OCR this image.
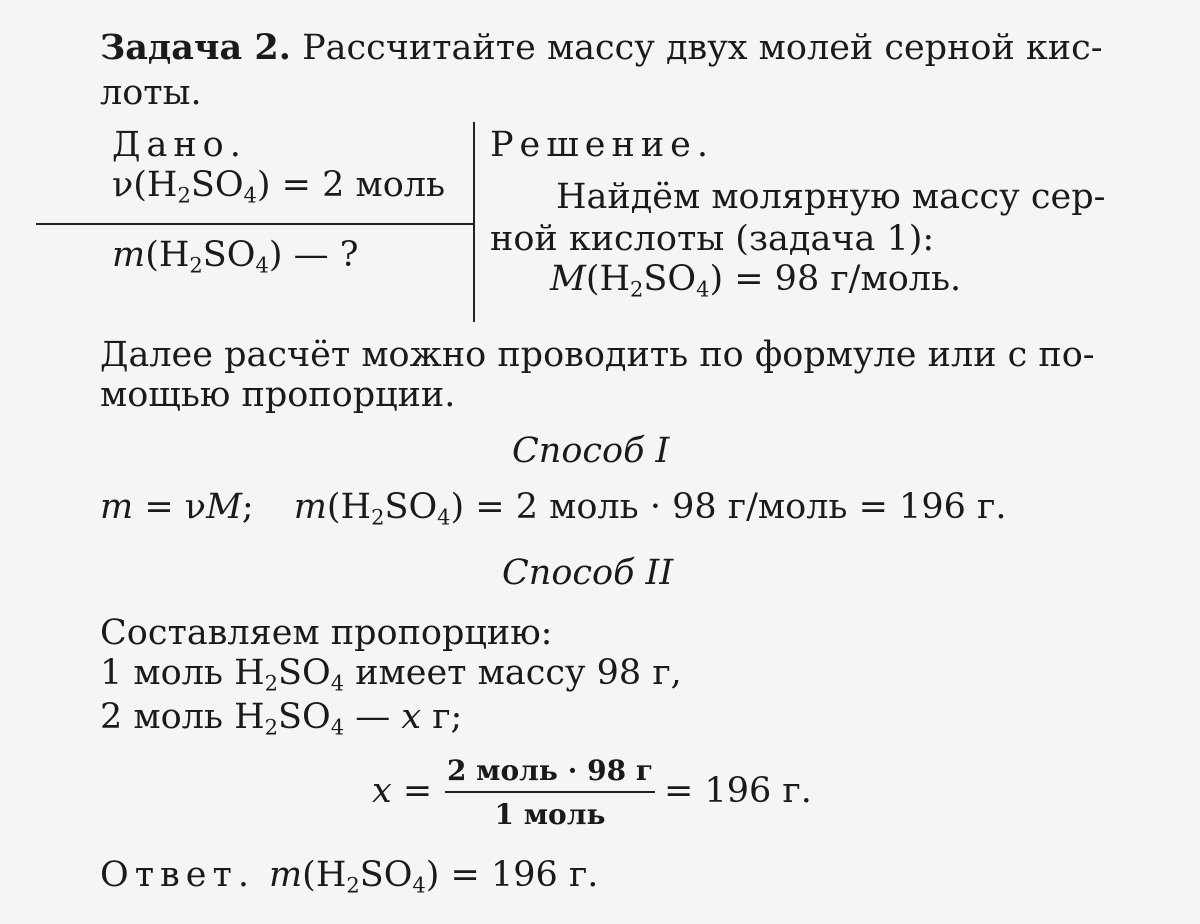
Задача 2. Рассчитайте массу двух молей серной кис-
лоты.
Дано.
$\nu(H_2SO_4) = 2$ моль
$m(H_2SO_4)$ — ?
Решение.
Найдём молярную массу сер-
ной кислоты (задача 1):
$M(H_2SO_4) = 98$ г/моль.
Далее расчёт можно проводить по формуле или с по-
мощью пропорции.
Способ I
m = νM; $m(H_2SO_4) = 2$ моль · 98 г/моль = 196 г.
Способ II
Составляем пропорцию:
1 моль $H_2SO_4$ имеет массу 98 г,
2 моль $H_2SO_4$ — x г;
x =
2 моль · 98 г
1 моль
= 196 г.
Ответ. $m(H_2SO_4) = 196$ г.
